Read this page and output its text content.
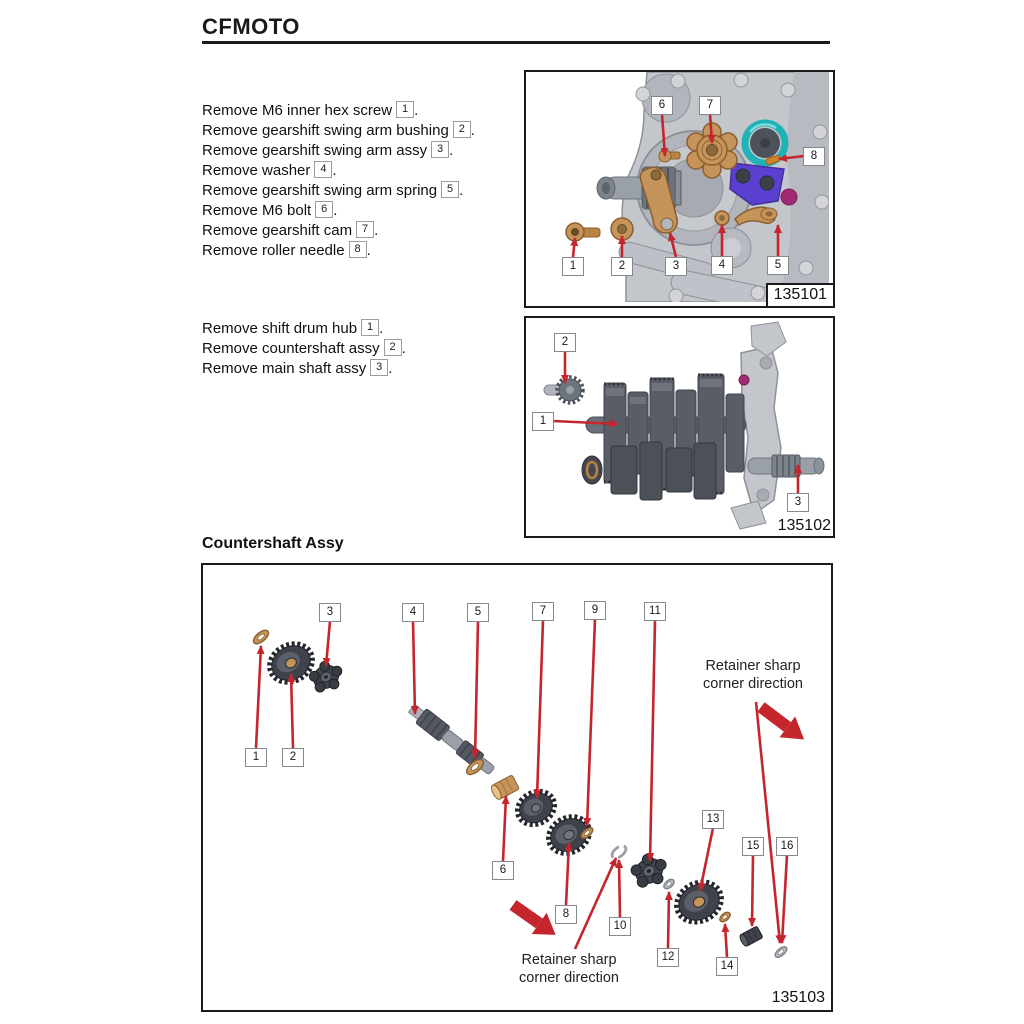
CFMOTO
Remove M6 inner hex screw 1 .
Remove gearshift swing arm bushing 2 .
Remove gearshift swing arm assy 3 .
Remove washer 4 .
Remove gearshift swing arm spring 5 .
Remove M6 bolt 6 .
Remove gearshift cam 7 .
Remove roller needle 8 .
Remove shift drum hub 1 .
Remove countershaft assy 2 .
Remove main shaft assy 3 .
Countershaft Assy
135101
1	2	3	4	5
6	7
8
135102
1
2
3
Retainer sharp corner direction
Retainer sharp corner direction
135103
1	2
3	4	5
6
7
8
9
10
11
12
13
14
15	16
